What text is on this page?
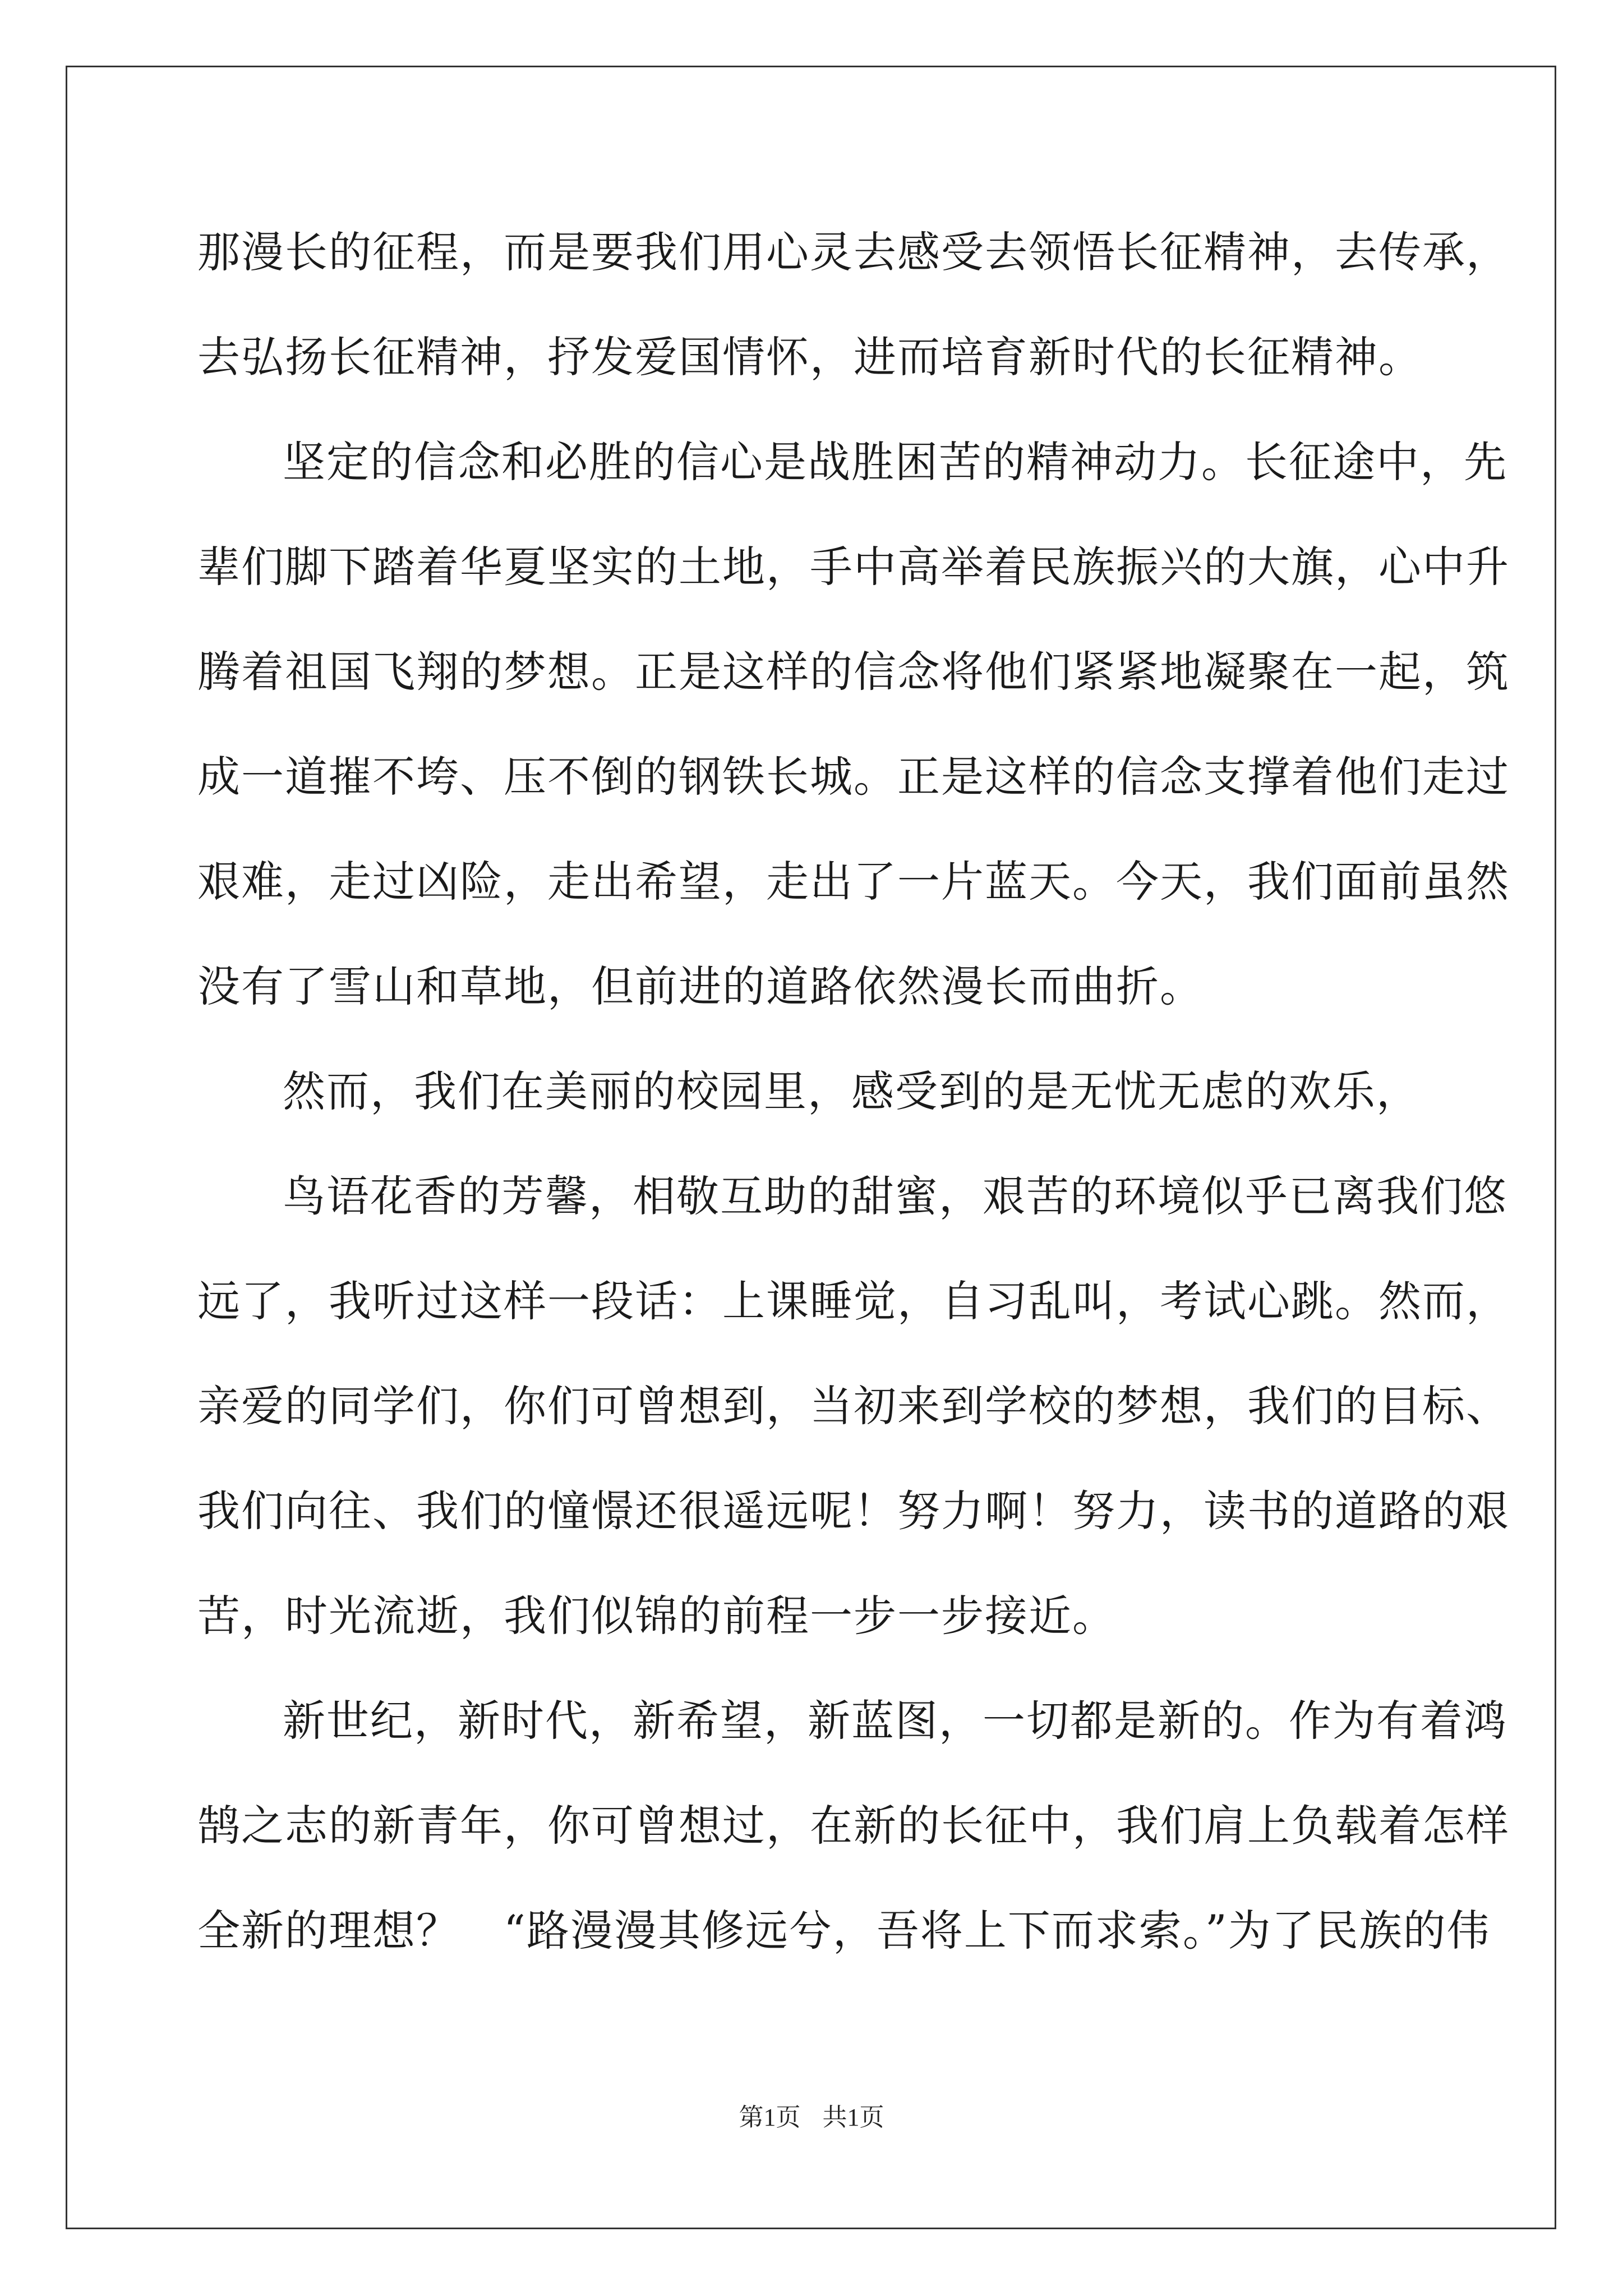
那漫长的征程，而是要我们用心灵去感受去领悟长征精神，去传承，
去弘扬长征精神，抒发爱国情怀，进而培育新时代的长征精神。
坚定的信念和必胜的信心是战胜困苦的精神动力。长征途中，先
辈们脚下踏着华夏坚实的土地，手中高举着民族振兴的大旗，心中升
腾着祖国飞翔的梦想。正是这样的信念将他们紧紧地凝聚在一起，筑
成一道摧不垮、压不倒的钢铁长城。正是这样的信念支撑着他们走过
艰难，走过凶险，走出希望，走出了一片蓝天。今天，我们面前虽然
没有了雪山和草地，但前进的道路依然漫长而曲折。
然而，我们在美丽的校园里，感受到的是无忧无虑的欢乐，
鸟语花香的芳馨，相敬互助的甜蜜，艰苦的环境似乎已离我们悠
远了，我听过这样一段话：上课睡觉，自习乱叫，考试心跳。然而，
亲爱的同学们，你们可曾想到，当初来到学校的梦想，我们的目标、
我们向往、我们的憧憬还很遥远呢！努力啊！努力，读书的道路的艰
苦，时光流逝，我们似锦的前程一步一步接近。
新世纪，新时代，新希望，新蓝图，一切都是新的。作为有着鸿
鹄之志的新青年，你可曾想过，在新的长征中，我们肩上负载着怎样
全新的理想？　“路漫漫其修远兮，吾将上下而求索。”为了民族的伟
第1页 共1页
